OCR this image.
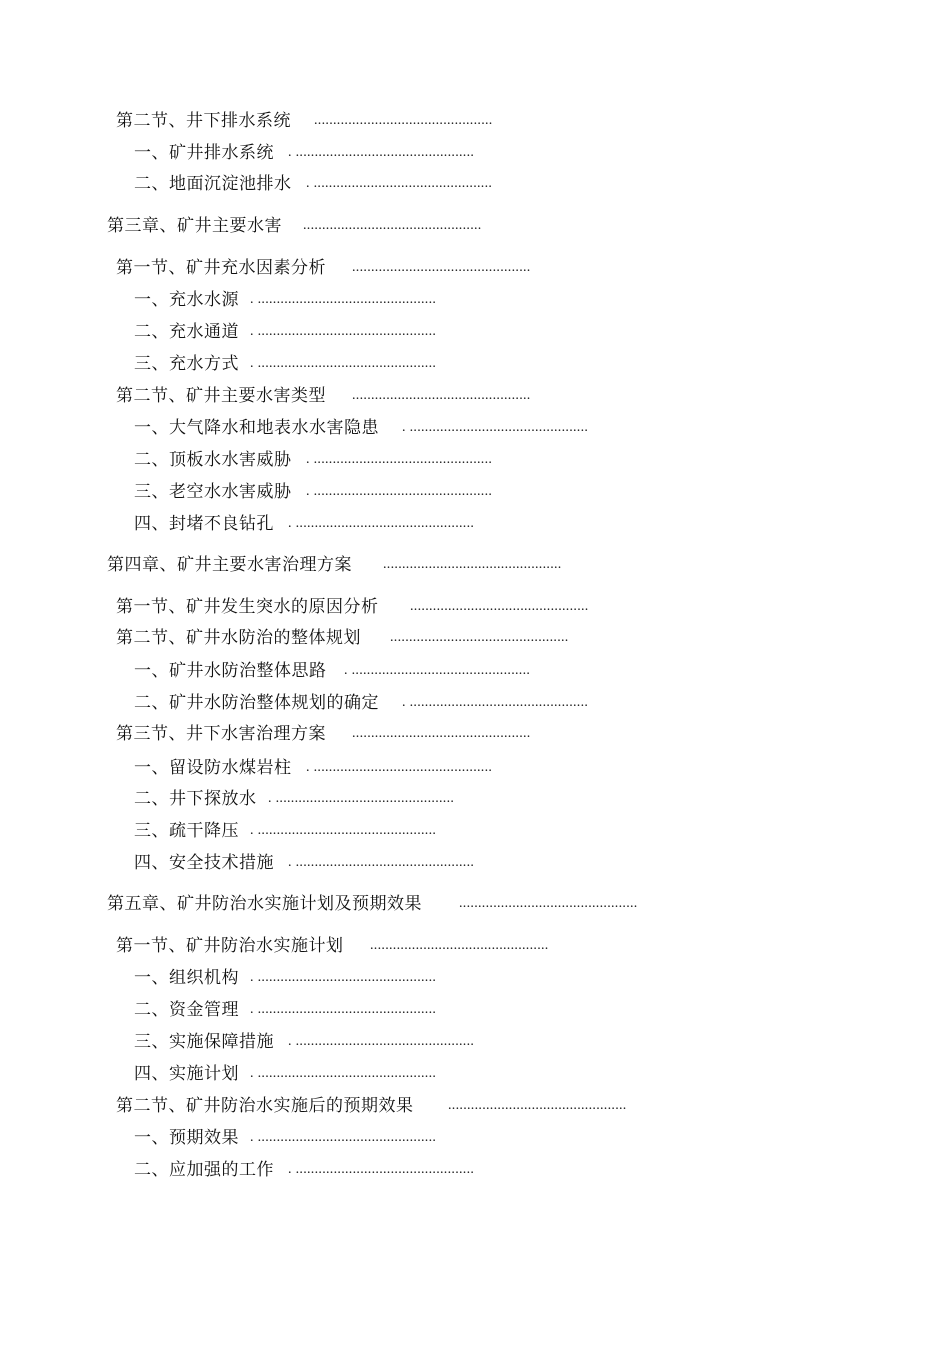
第二节、井下排水系统 ...............................................
一、矿井排水系统 . ...............................................
二、地面沉淀池排水 . ...............................................
第三章、矿井主要水害 ...............................................
第一节、矿井充水因素分析 ...............................................
一、充水水源 . ...............................................
二、充水通道 . ...............................................
三、充水方式 . ...............................................
第二节、矿井主要水害类型 ...............................................
一、大气降水和地表水水害隐患 . ...............................................
二、顶板水水害威胁 . ...............................................
三、老空水水害威胁 . ...............................................
四、封堵不良钻孔 . ...............................................
第四章、矿井主要水害治理方案 ...............................................
第一节、矿井发生突水的原因分析 ...............................................
第二节、矿井水防治的整体规划 ...............................................
一、矿井水防治整体思路 . ...............................................
二、矿井水防治整体规划的确定 . ...............................................
第三节、井下水害治理方案 ...............................................
一、留设防水煤岩柱 . ...............................................
二、井下探放水 . ...............................................
三、疏干降压 . ...............................................
四、安全技术措施 . ...............................................
第五章、矿井防治水实施计划及预期效果	...............................................
第一节、矿井防治水实施计划 ...............................................
一、组织机构 . ...............................................
二、资金管理 . ...............................................
三、实施保障措施 . ...............................................
四、实施计划 . ...............................................
第二节、矿井防治水实施后的预期效果 ...............................................
一、预期效果 . ...............................................
二、应加强的工作 . ...............................................
